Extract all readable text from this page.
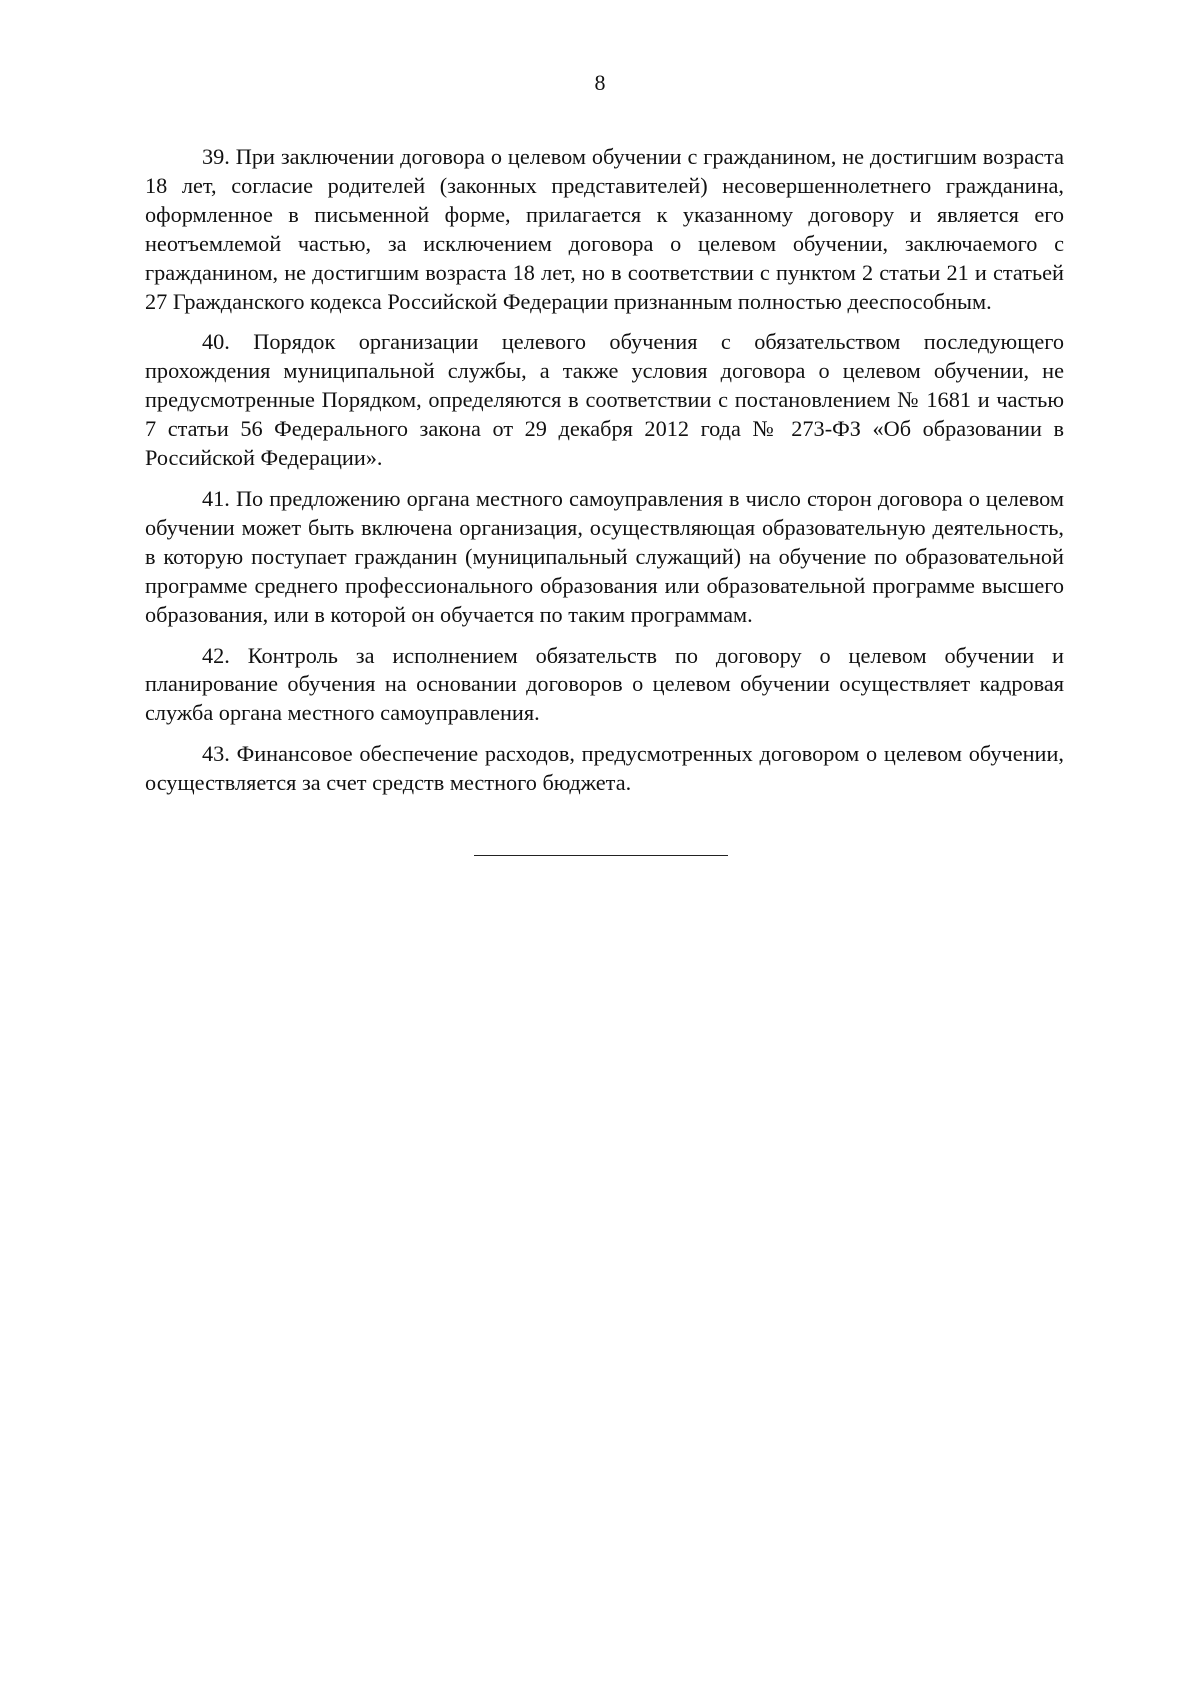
8

39. При заключении договора о целевом обучении с гражданином, не достигшим возраста 18 лет, согласие родителей (законных представителей) несовершеннолетнего гражданина, оформленное в письменной форме, прилагается к указанному договору и является его неотъемлемой частью, за исключением договора о целевом обучении, заключаемого с гражданином, не достигшим возраста 18 лет, но в соответствии с пунктом 2 статьи 21 и статьей 27 Гражданского кодекса Российской Федерации признанным полностью дееспособным.

40. Порядок организации целевого обучения с обязательством последующего прохождения муниципальной службы, а также условия договора о целевом обучении, не предусмотренные Порядком, определяются в соответствии с постановлением № 1681 и частью 7 статьи 56 Федерального закона от 29 декабря 2012 года № 273-ФЗ «Об образовании в Российской Федерации».

41. По предложению органа местного самоуправления в число сторон договора о целевом обучении может быть включена организация, осуществляющая образовательную деятельность, в которую поступает гражданин (муниципальный служащий) на обучение по образовательной программе среднего профессионального образования или образовательной программе высшего образования, или в которой он обучается по таким программам.

42. Контроль за исполнением обязательств по договору о целевом обучении и планирование обучения на основании договоров о целевом обучении осуществляет кадровая служба органа местного самоуправления.

43. Финансовое обеспечение расходов, предусмотренных договором о целевом обучении, осуществляется за счет средств местного бюджета.
